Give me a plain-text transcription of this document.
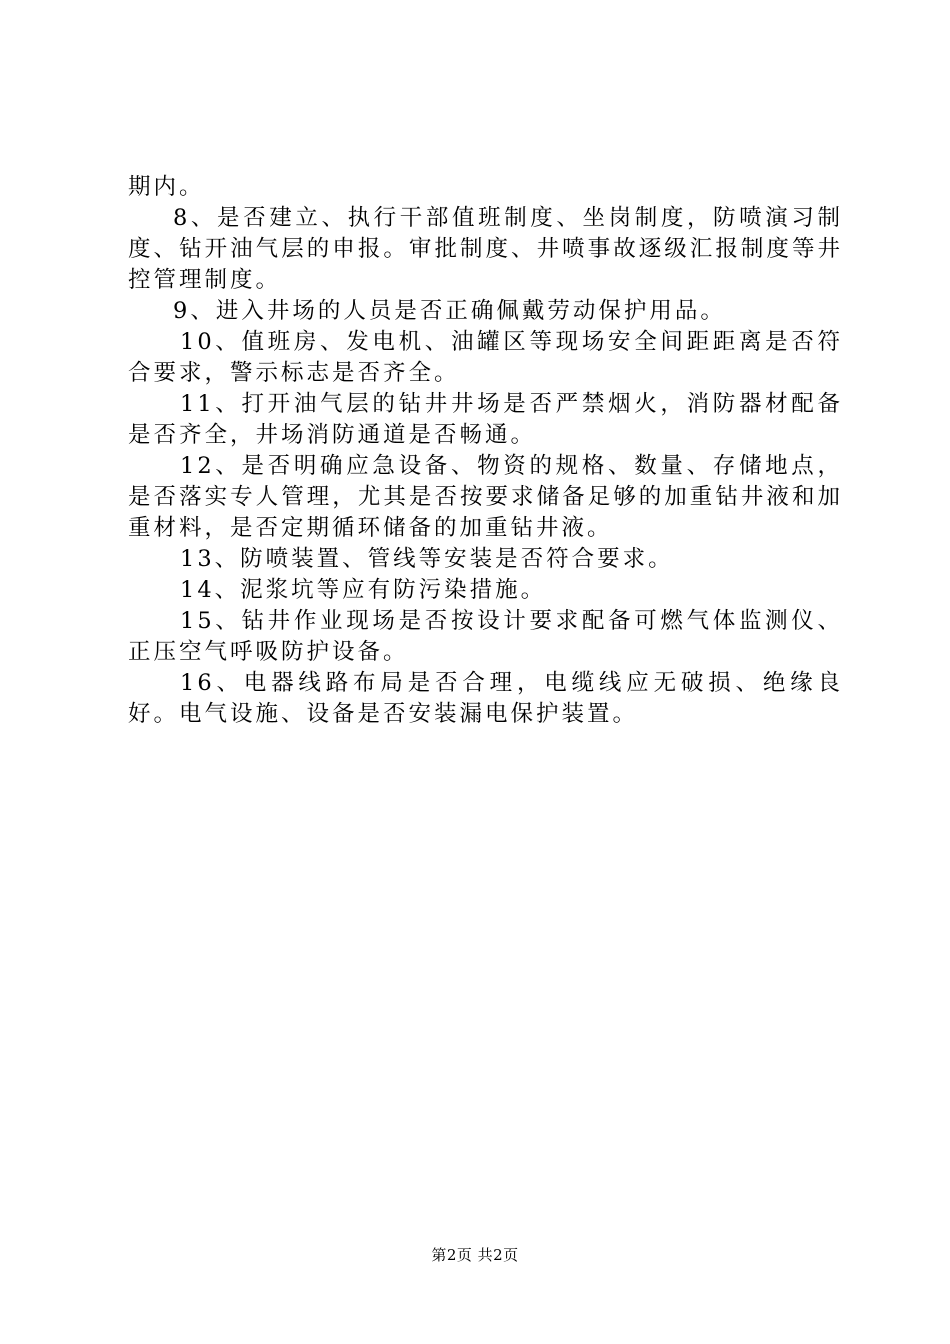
期内。

8、是否建立、执行干部值班制度、坐岗制度，防喷演习制度、钻开油气层的申报。审批制度、井喷事故逐级汇报制度等井控管理制度。

9、进入井场的人员是否正确佩戴劳动保护用品。

10、值班房、发电机、油罐区等现场安全间距距离是否符合要求，警示标志是否齐全。

11、打开油气层的钻井井场是否严禁烟火，消防器材配备是否齐全，井场消防通道是否畅通。

12、是否明确应急设备、物资的规格、数量、存储地点，是否落实专人管理，尤其是否按要求储备足够的加重钻井液和加重材料，是否定期循环储备的加重钻井液。

13、防喷装置、管线等安装是否符合要求。

14、泥浆坑等应有防污染措施。

15、钻井作业现场是否按设计要求配备可燃气体监测仪、正压空气呼吸防护设备。

16、电器线路布局是否合理，电缆线应无破损、绝缘良好。电气设施、设备是否安装漏电保护装置。

第2页 共2页
